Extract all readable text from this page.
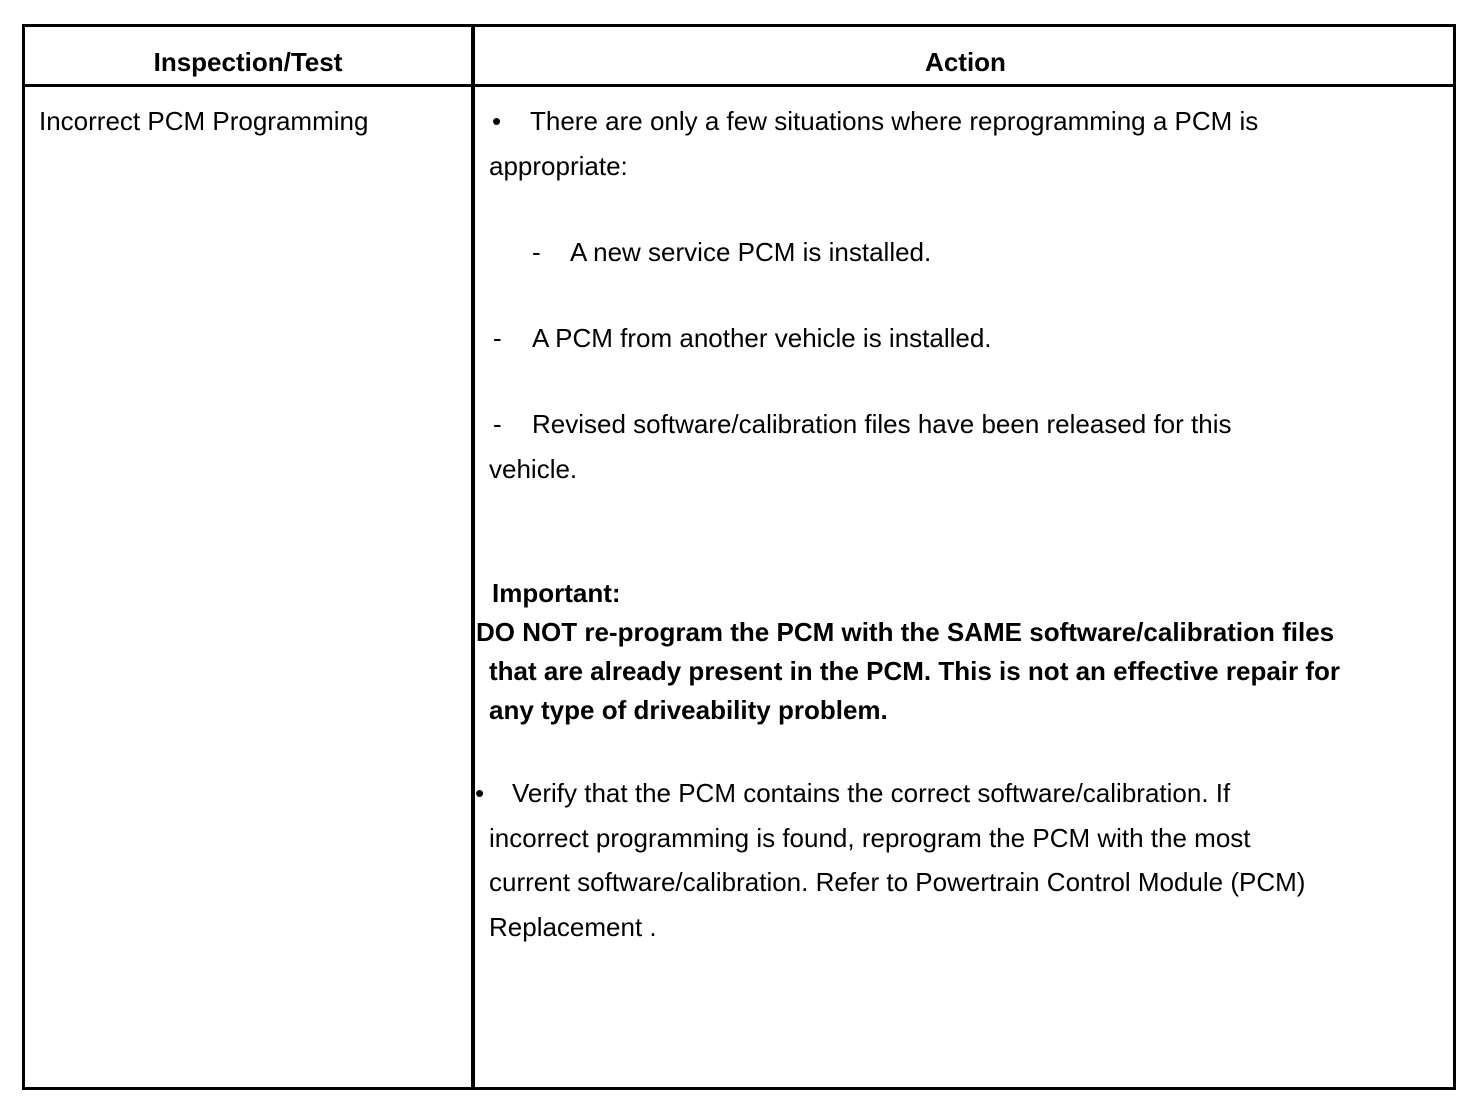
Inspection/Test	Action
Incorrect PCM Programming	• There are only a few situations where reprogramming a PCM is
appropriate:
- A new service PCM is installed.
- A PCM from another vehicle is installed.
- Revised software/calibration files have been released for this
vehicle.
Important:
DO NOT re-program the PCM with the SAME software/calibration files
that are already present in the PCM. This is not an effective repair for
any type of driveability problem.
• Verify that the PCM contains the correct software/calibration. If
incorrect programming is found, reprogram the PCM with the most
current software/calibration. Refer to Powertrain Control Module (PCM)
Replacement .
